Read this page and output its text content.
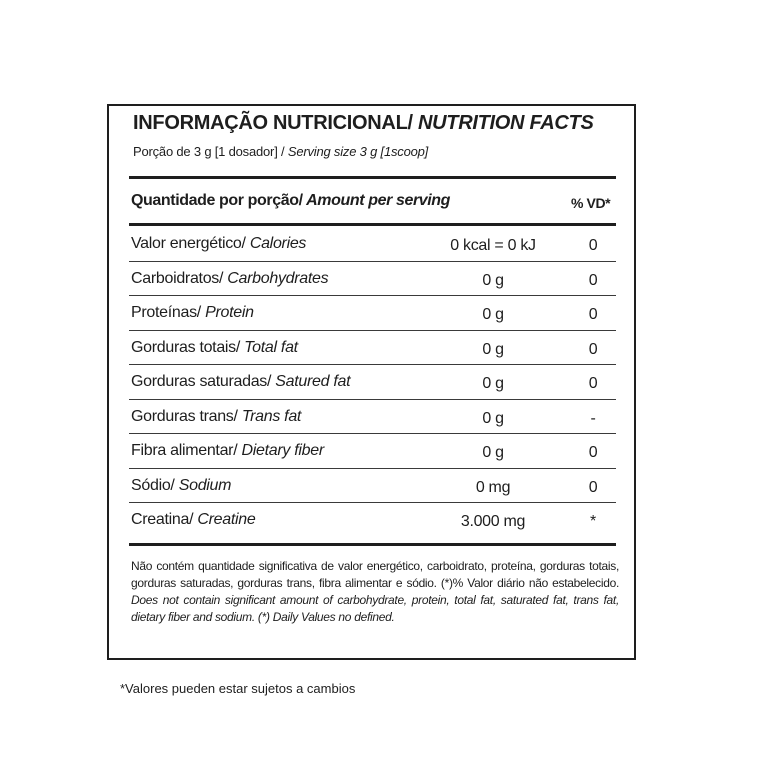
INFORMAÇÃO NUTRICIONAL/ NUTRITION FACTS
Porção de 3 g [1 dosador] / Serving size 3 g [1scoop]
Quantidade por porção/ Amount per serving	% VD*
Valor energético/ Calories	0 kcal = 0 kJ	0
Carboidratos/ Carbohydrates	0 g	0
Proteínas/ Protein	0 g	0
Gorduras totais/ Total fat	0 g	0
Gorduras saturadas/ Satured fat	0 g	0
Gorduras trans/ Trans fat	0 g	-
Fibra alimentar/ Dietary fiber	0 g	0
Sódio/ Sodium	0 mg	0
Creatina/ Creatine	3.000 mg	*
Não contém quantidade significativa de valor energético, carboidrato, proteína, gorduras totais, gorduras saturadas, gorduras trans, fibra alimentar e sódio. (*)% Valor diário não estabelecido. Does not contain significant amount of carbohydrate, protein, total fat, saturated fat, trans fat, dietary fiber and sodium. (*) Daily Values no defined.
*Valores pueden estar sujetos a cambios
